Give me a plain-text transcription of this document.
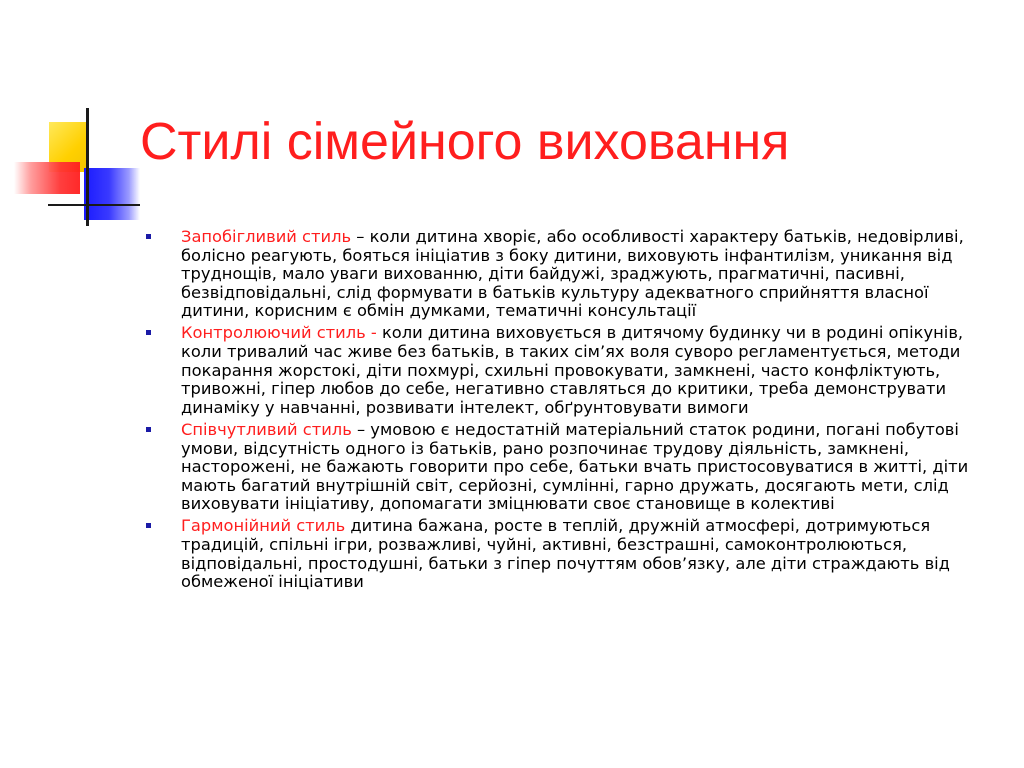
Стилі сімейного виховання
Запобігливий стиль – коли дитина хворіє, або особливості характеру батьків, недовірливі, болісно реагують, бояться ініціатив з боку дитини, виховують інфантилізм, уникання від труднощів, мало уваги вихованню, діти байдужі, зраджують, прагматичні, пасивні, безвідповідальні, слід формувати в батьків культуру адекватного сприйняття власної дитини, корисним є обмін думками, тематичні консультації
Контролюючий стиль - коли дитина виховується в дитячому будинку чи в родині опікунів, коли тривалий час живе без батьків, в таких сім’ях воля суворо регламентується, методи покарання жорстокі, діти похмурі, схильні провокувати, замкнені, часто конфліктують, тривожні, гіпер любов до себе, негативно ставляться до критики, треба демонструвати динаміку у навчанні, розвивати інтелект, обґрунтовувати вимоги
Співчутливий стиль – умовою є недостатній матеріальний статок родини, погані побутові умови, відсутність одного із батьків, рано розпочинає трудову діяльність, замкнені, насторожені, не бажають говорити про себе, батьки вчать пристосовуватися в житті, діти мають багатий внутрішній світ, серйозні, сумлінні, гарно дружать, досягають мети, слід виховувати ініціативу, допомагати зміцнювати своє становище в колективі
Гармонійний стиль дитина бажана, росте в теплій, дружній атмосфері, дотримуються традицій, спільні ігри, розважливі, чуйні, активні, безстрашні, самоконтролюються, відповідальні, простодушні, батьки з гіпер почуттям обов’язку, але діти страждають від обмеженої ініціативи
